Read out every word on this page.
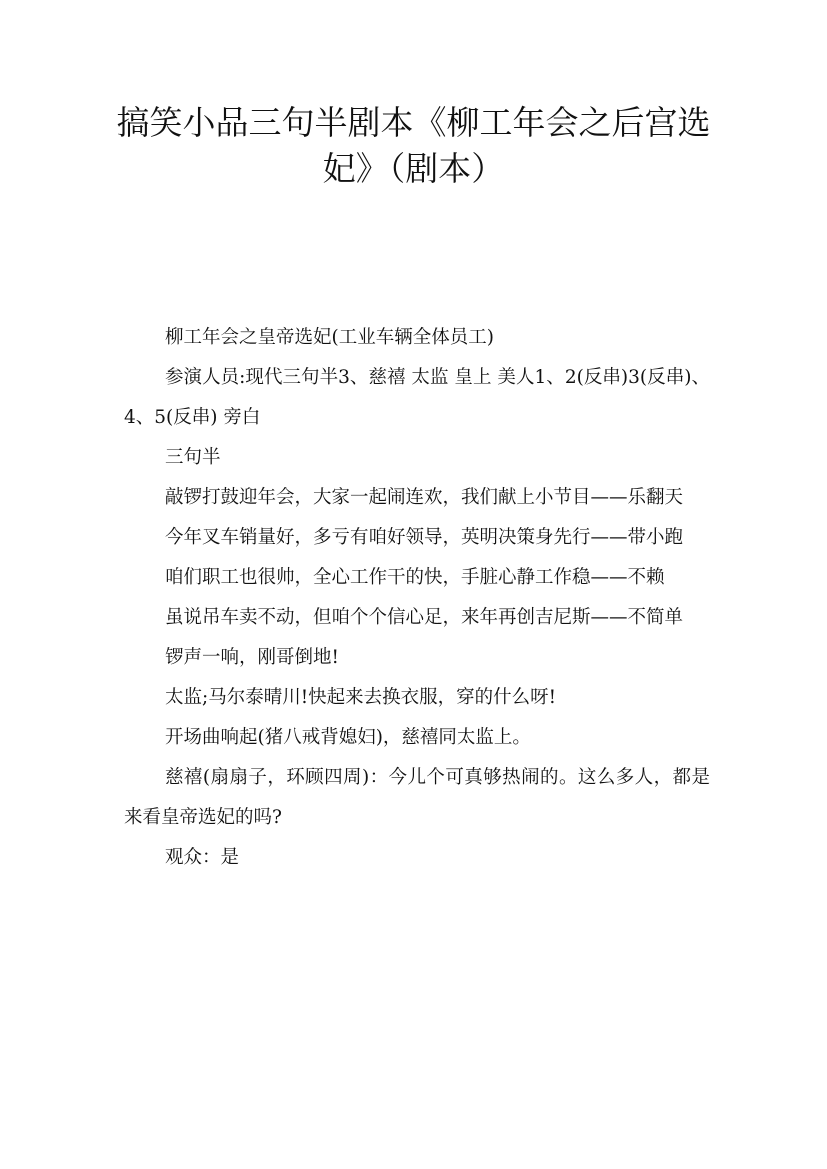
搞笑小品三句半剧本《柳工年会之后宫选妃》（剧本）

柳工年会之皇帝选妃(工业车辆全体员工)

参演人员:现代三句半3、慈禧 太监 皇上 美人1、2(反串)3(反串)、4、5(反串) 旁白

三句半

敲锣打鼓迎年会，大家一起闹连欢，我们献上小节目——乐翻天

今年叉车销量好，多亏有咱好领导，英明决策身先行——带小跑

咱们职工也很帅，全心工作干的快，手脏心静工作稳——不赖

虽说吊车卖不动，但咱个个信心足，来年再创吉尼斯——不简单

锣声一响，刚哥倒地!

太监;马尔泰晴川!快起来去换衣服，穿的什么呀!

开场曲响起(猪八戒背媳妇)，慈禧同太监上。

慈禧(扇扇子，环顾四周)：今儿个可真够热闹的。这么多人，都是来看皇帝选妃的吗?

观众：是
